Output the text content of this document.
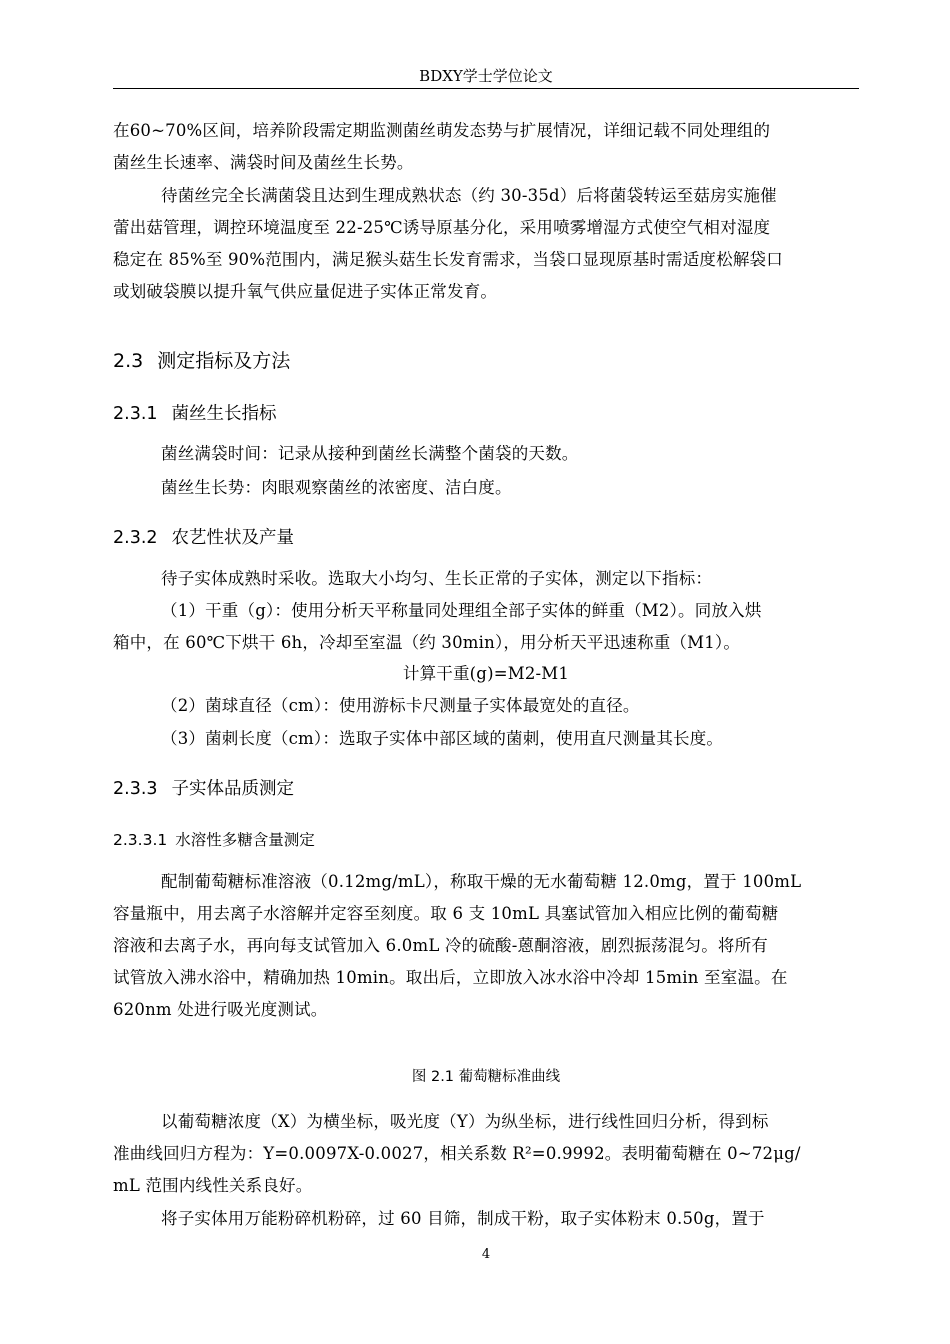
BDXY学士学位论文
在60~70%区间，培养阶段需定期监测菌丝萌发态势与扩展情况，详细记载不同处理组的
菌丝生长速率、满袋时间及菌丝生长势。
待菌丝完全长满菌袋且达到生理成熟状态（约 30-35d）后将菌袋转运至菇房实施催
蕾出菇管理，调控环境温度至 22-25℃诱导原基分化，采用喷雾增湿方式使空气相对湿度
稳定在 85%至 90%范围内，满足猴头菇生长发育需求，当袋口显现原基时需适度松解袋口
或划破袋膜以提升氧气供应量促进子实体正常发育。
2.3 测定指标及方法
2.3.1 菌丝生长指标
菌丝满袋时间：记录从接种到菌丝长满整个菌袋的天数。
菌丝生长势：肉眼观察菌丝的浓密度、洁白度。
2.3.2 农艺性状及产量
待子实体成熟时采收。选取大小均匀、生长正常的子实体，测定以下指标：
（1）干重（g）：使用分析天平称量同处理组全部子实体的鲜重（M2）。同放入烘
箱中，在 60℃下烘干 6h，冷却至室温（约 30min），用分析天平迅速称重（M1）。
计算干重(g)=M2-M1
（2）菌球直径（cm）：使用游标卡尺测量子实体最宽处的直径。
（3）菌刺长度（cm）：选取子实体中部区域的菌刺，使用直尺测量其长度。
2.3.3 子实体品质测定
2.3.3.1 水溶性多糖含量测定
配制葡萄糖标准溶液（0.12mg/mL），称取干燥的无水葡萄糖 12.0mg，置于 100mL
容量瓶中，用去离子水溶解并定容至刻度。取 6 支 10mL 具塞试管加入相应比例的葡萄糖
溶液和去离子水，再向每支试管加入 6.0mL 冷的硫酸-蒽酮溶液，剧烈振荡混匀。将所有
试管放入沸水浴中，精确加热 10min。取出后，立即放入冰水浴中冷却 15min 至室温。在
620nm 处进行吸光度测试。
图 2.1 葡萄糖标准曲线
以葡萄糖浓度（X）为横坐标，吸光度（Y）为纵坐标，进行线性回归分析，得到标
准曲线回归方程为：Y=0.0097X-0.0027，相关系数 R²=0.9992。表明葡萄糖在 0~72μg/
mL 范围内线性关系良好。
将子实体用万能粉碎机粉碎，过 60 目筛，制成干粉，取子实体粉末 0.50g，置于
4
